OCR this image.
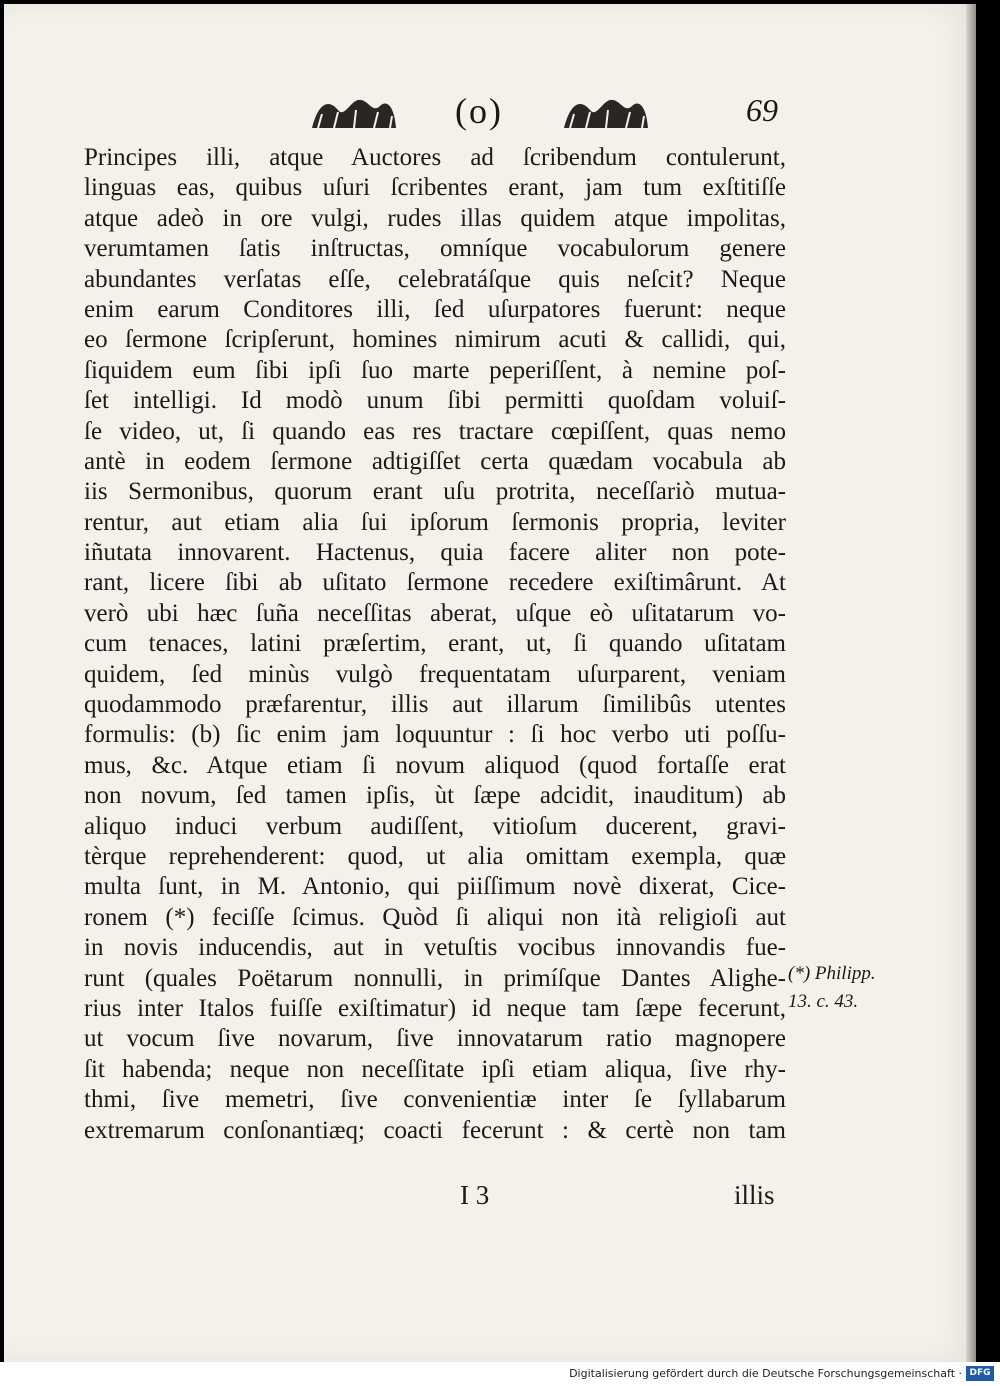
(o)	69
Principes illi, atque Auctores ad ſcribendum contulerunt,
linguas eas, quibus uſuri ſcribentes erant, jam tum exſtitiſſe
atque adeò in ore vulgi, rudes illas quidem atque impolitas,
verumtamen ſatis inſtructas, omníque vocabulorum genere
abundantes verſatas eſſe, celebratáſque quis neſcit? Neque
enim earum Conditores illi, ſed uſurpatores fuerunt: neque
eo ſermone ſcripſerunt, homines nimirum acuti & callidi, qui,
ſiquidem eum ſibi ipſi ſuo marte peperiſſent, à nemine poſ-
ſet intelligi. Id modò unum ſibi permitti quoſdam voluiſ-
ſe video, ut, ſi quando eas res tractare cœpiſſent, quas nemo
antè in eodem ſermone adtigiſſet certa quædam vocabula ab
iis Sermonibus, quorum erant uſu protrita, neceſſariò mutua-
rentur, aut etiam alia ſui ipſorum ſermonis propria, leviter
iñutata innovarent. Hactenus, quia facere aliter non pote-
rant, licere ſibi ab uſitato ſermone recedere exiſtimârunt. At
verò ubi hæc ſuña neceſſitas aberat, uſque eò uſitatarum vo-
cum tenaces, latini præſertim, erant, ut, ſi quando uſitatam
quidem, ſed minùs vulgò frequentatam uſurparent, veniam
quodammodo præfarentur, illis aut illarum ſimilibûs utentes
formulis: (b) ſic enim jam loquuntur : ſi hoc verbo uti poſſu-
mus, &c. Atque etiam ſi novum aliquod (quod fortaſſe erat
non novum, ſed tamen ipſis, ùt ſæpe adcidit, inauditum) ab
aliquo induci verbum audiſſent, vitioſum ducerent, gravi-
tèrque reprehenderent: quod, ut alia omittam exempla, quæ
multa ſunt, in M. Antonio, qui piiſſimum novè dixerat, Cice-
ronem (*) feciſſe ſcimus. Quòd ſi aliqui non ità religioſi aut
in novis inducendis, aut in vetuſtis vocibus innovandis fue-
runt (quales Poëtarum nonnulli, in primíſque Dantes Alighe-
rius inter Italos fuiſſe exiſtimatur) id neque tam ſæpe fecerunt,
ut vocum ſive novarum, ſive innovatarum ratio magnopere
ſit habenda; neque non neceſſitate ipſi etiam aliqua, ſive rhy-
thmi, ſive memetri, ſive convenientiæ inter ſe ſyllabarum
extremarum conſonantiæq; coacti fecerunt : & certè non tam
(*) Philipp.
13. c. 43.
I 3	illis
Digitalisierung gefördert durch die Deutsche Forschungsgemeinschaft · DFG
